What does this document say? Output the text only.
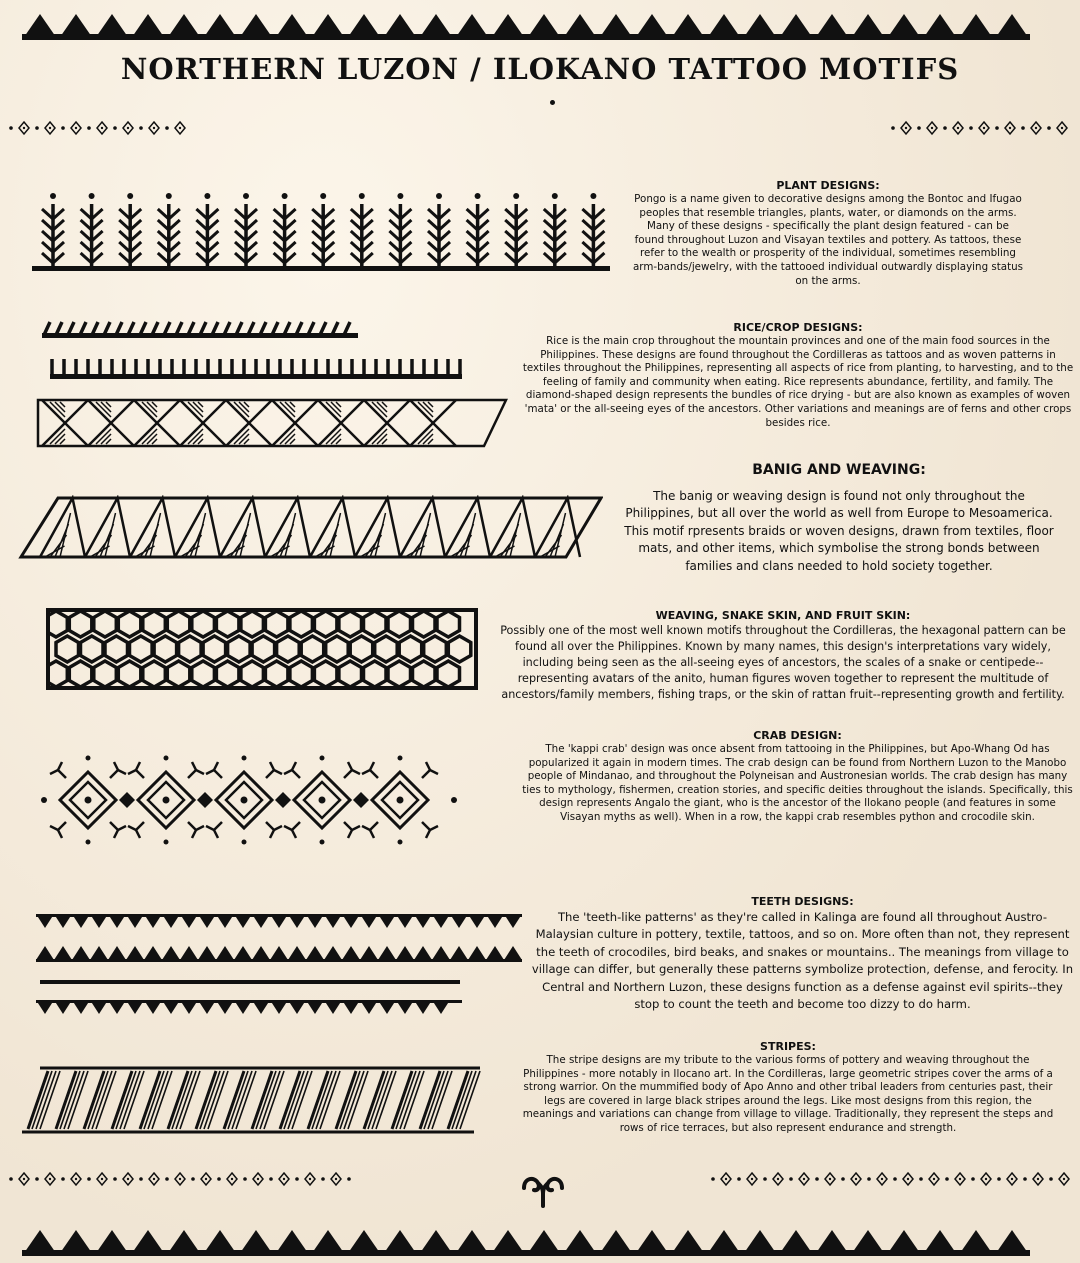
NORTHERN LUZON / ILOKANO TATTOO MOTIFS
PLANT DESIGNS:
Pongo is a name given to decorative designs among the Bontoc and Ifugao peoples that resemble triangles, plants, water, or diamonds on the arms. Many of these designs - specifically the plant design featured - can be found throughout Luzon and Visayan textiles and pottery. As tattoos, these refer to the wealth or prosperity of the individual, sometimes resembling arm-bands/jewelry, with the tattooed individual outwardly displaying status on the arms.
RICE/CROP DESIGNS:
Rice is the main crop throughout the mountain provinces and one of the main food sources in the Philippines. These designs are found throughout the Cordilleras as tattoos and as woven patterns in textiles throughout the Philippines, representing all aspects of rice from planting, to harvesting, and to the feeling of family and community when eating. Rice represents abundance, fertility, and family. The diamond-shaped design represents the bundles of rice drying - but are also known as examples of woven 'mata' or the all-seeing eyes of the ancestors. Other variations and meanings are of ferns and other crops besides rice.
BANIG AND WEAVING:
The banig or weaving design is found not only throughout the Philippines, but all over the world as well from Europe to Mesoamerica. This motif rpresents braids or woven designs, drawn from textiles, floor mats, and other items, which symbolise the strong bonds between families and clans needed to hold society together.
WEAVING, SNAKE SKIN, AND FRUIT SKIN:
Possibly one of the most well known motifs throughout the Cordilleras, the hexagonal pattern can be found all over the Philippines. Known by many names, this design's interpretations vary widely, including being seen as the all-seeing eyes of ancestors, the scales of a snake or centipede--representing avatars of the anito, human figures woven together to represent the multitude of ancestors/family members, fishing traps, or the skin of rattan fruit--representing growth and fertility.
CRAB DESIGN:
The 'kappi crab' design was once absent from tattooing in the Philippines, but Apo-Whang Od has popularized it again in modern times. The crab design can be found from Northern Luzon to the Manobo people of Mindanao, and throughout the Polyneisan and Austronesian worlds. The crab design has many ties to mythology, fishermen, creation stories, and specific deities throughout the islands. Specifically, this design represents Angalo the giant, who is the ancestor of the Ilokano people (and features in some Visayan myths as well). When in a row, the kappi crab resembles python and crocodile skin.
TEETH DESIGNS:
The 'teeth-like patterns' as they're called in Kalinga are found all throughout Austro-Malaysian culture in pottery, textile, tattoos, and so on. More often than not, they represent the teeth of crocodiles, bird beaks, and snakes or mountains.. The meanings from village to village can differ, but generally these patterns symbolize protection, defense, and ferocity. In Central and Northern Luzon, these designs function as a defense against evil spirits--they stop to count the teeth and become too dizzy to do harm.
STRIPES:
The stripe designs are my tribute to the various forms of pottery and weaving throughout the Philippines - more notably in Ilocano art. In the Cordilleras, large geometric stripes cover the arms of a strong warrior. On the mummified body of Apo Anno and other tribal leaders from centuries past, their legs are covered in large black stripes around the legs. Like most designs from this region, the meanings and variations can change from village to village. Traditionally, they represent the steps and rows of rice terraces, but also represent endurance and strength.
